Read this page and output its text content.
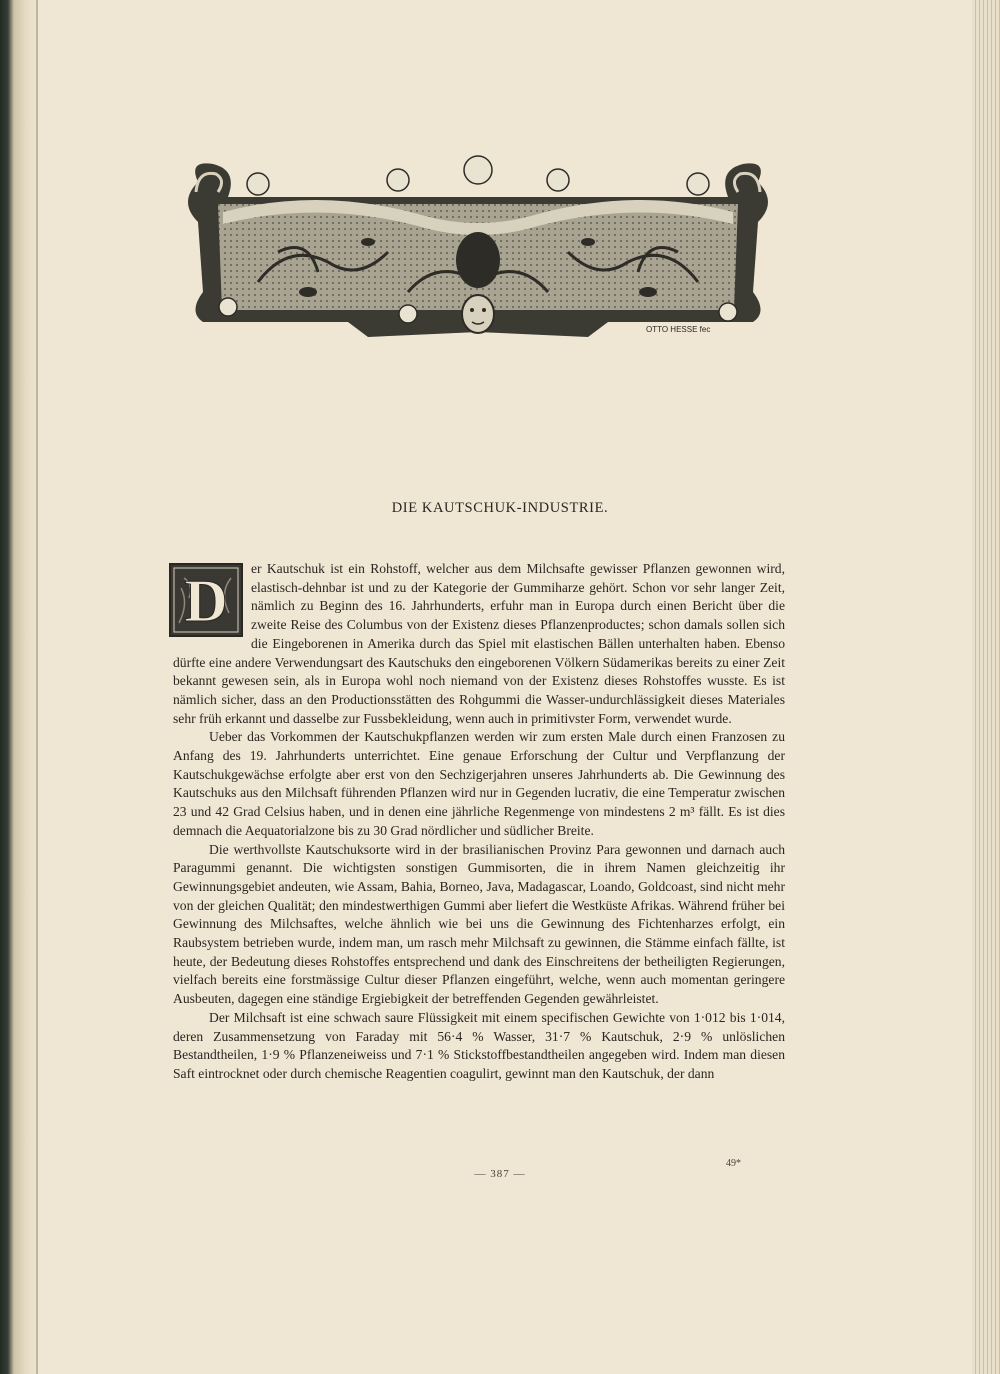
OTTO HESSE fec
DIE KAUTSCHUK-INDUSTRIE.

D er Kautschuk ist ein Rohstoff, welcher aus dem Milchsafte gewisser Pflanzen gewonnen wird, elastisch-dehnbar ist und zu der Kategorie der Gummiharze gehört. Schon vor sehr langer Zeit, nämlich zu Beginn des 16. Jahrhunderts, erfuhr man in Europa durch einen Bericht über die zweite Reise des Columbus von der Existenz dieses Pflanzenproductes; schon damals sollen sich die Eingeborenen in Amerika durch das Spiel mit elastischen Bällen unterhalten haben. Ebenso dürfte eine andere Verwendungsart des Kautschuks den eingeborenen Völkern Südamerikas bereits zu einer Zeit bekannt gewesen sein, als in Europa wohl noch niemand von der Existenz dieses Rohstoffes wusste. Es ist nämlich sicher, dass an den Productionsstätten des Rohgummi die Wasser-undurchlässigkeit dieses Materiales sehr früh erkannt und dasselbe zur Fussbekleidung, wenn auch in primitivster Form, verwendet wurde.

Ueber das Vorkommen der Kautschukpflanzen werden wir zum ersten Male durch einen Franzosen zu Anfang des 19. Jahrhunderts unterrichtet. Eine genaue Erforschung der Cultur und Verpflanzung der Kautschukgewächse erfolgte aber erst von den Sechzigerjahren unseres Jahrhunderts ab. Die Gewinnung des Kautschuks aus den Milchsaft führenden Pflanzen wird nur in Gegenden lucrativ, die eine Temperatur zwischen 23 und 42 Grad Celsius haben, und in denen eine jährliche Regenmenge von mindestens 2 m³ fällt. Es ist dies demnach die Aequatorialzone bis zu 30 Grad nördlicher und südlicher Breite.

Die werthvollste Kautschuksorte wird in der brasilianischen Provinz Para gewonnen und darnach auch Paragummi genannt. Die wichtigsten sonstigen Gummisorten, die in ihrem Namen gleichzeitig ihr Gewinnungsgebiet andeuten, wie Assam, Bahia, Borneo, Java, Madagascar, Loando, Goldcoast, sind nicht mehr von der gleichen Qualität; den mindestwerthigen Gummi aber liefert die Westküste Afrikas. Während früher bei Gewinnung des Milchsaftes, welche ähnlich wie bei uns die Gewinnung des Fichtenharzes erfolgt, ein Raubsystem betrieben wurde, indem man, um rasch mehr Milchsaft zu gewinnen, die Stämme einfach fällte, ist heute, der Bedeutung dieses Rohstoffes entsprechend und dank des Einschreitens der betheiligten Regierungen, vielfach bereits eine forstmässige Cultur dieser Pflanzen eingeführt, welche, wenn auch momentan geringere Ausbeuten, dagegen eine ständige Ergiebigkeit der betreffenden Gegenden gewährleistet.

Der Milchsaft ist eine schwach saure Flüssigkeit mit einem specifischen Gewichte von 1·012 bis 1·014, deren Zusammensetzung von Faraday mit 56·4 % Wasser, 31·7 % Kautschuk, 2·9 % unlöslichen Bestandtheilen, 1·9 % Pflanzeneiweiss und 7·1 % Stickstoffbestandtheilen angegeben wird. Indem man diesen Saft eintrocknet oder durch chemische Reagentien coagulirt, gewinnt man den Kautschuk, der dann

49*
— 387 —
